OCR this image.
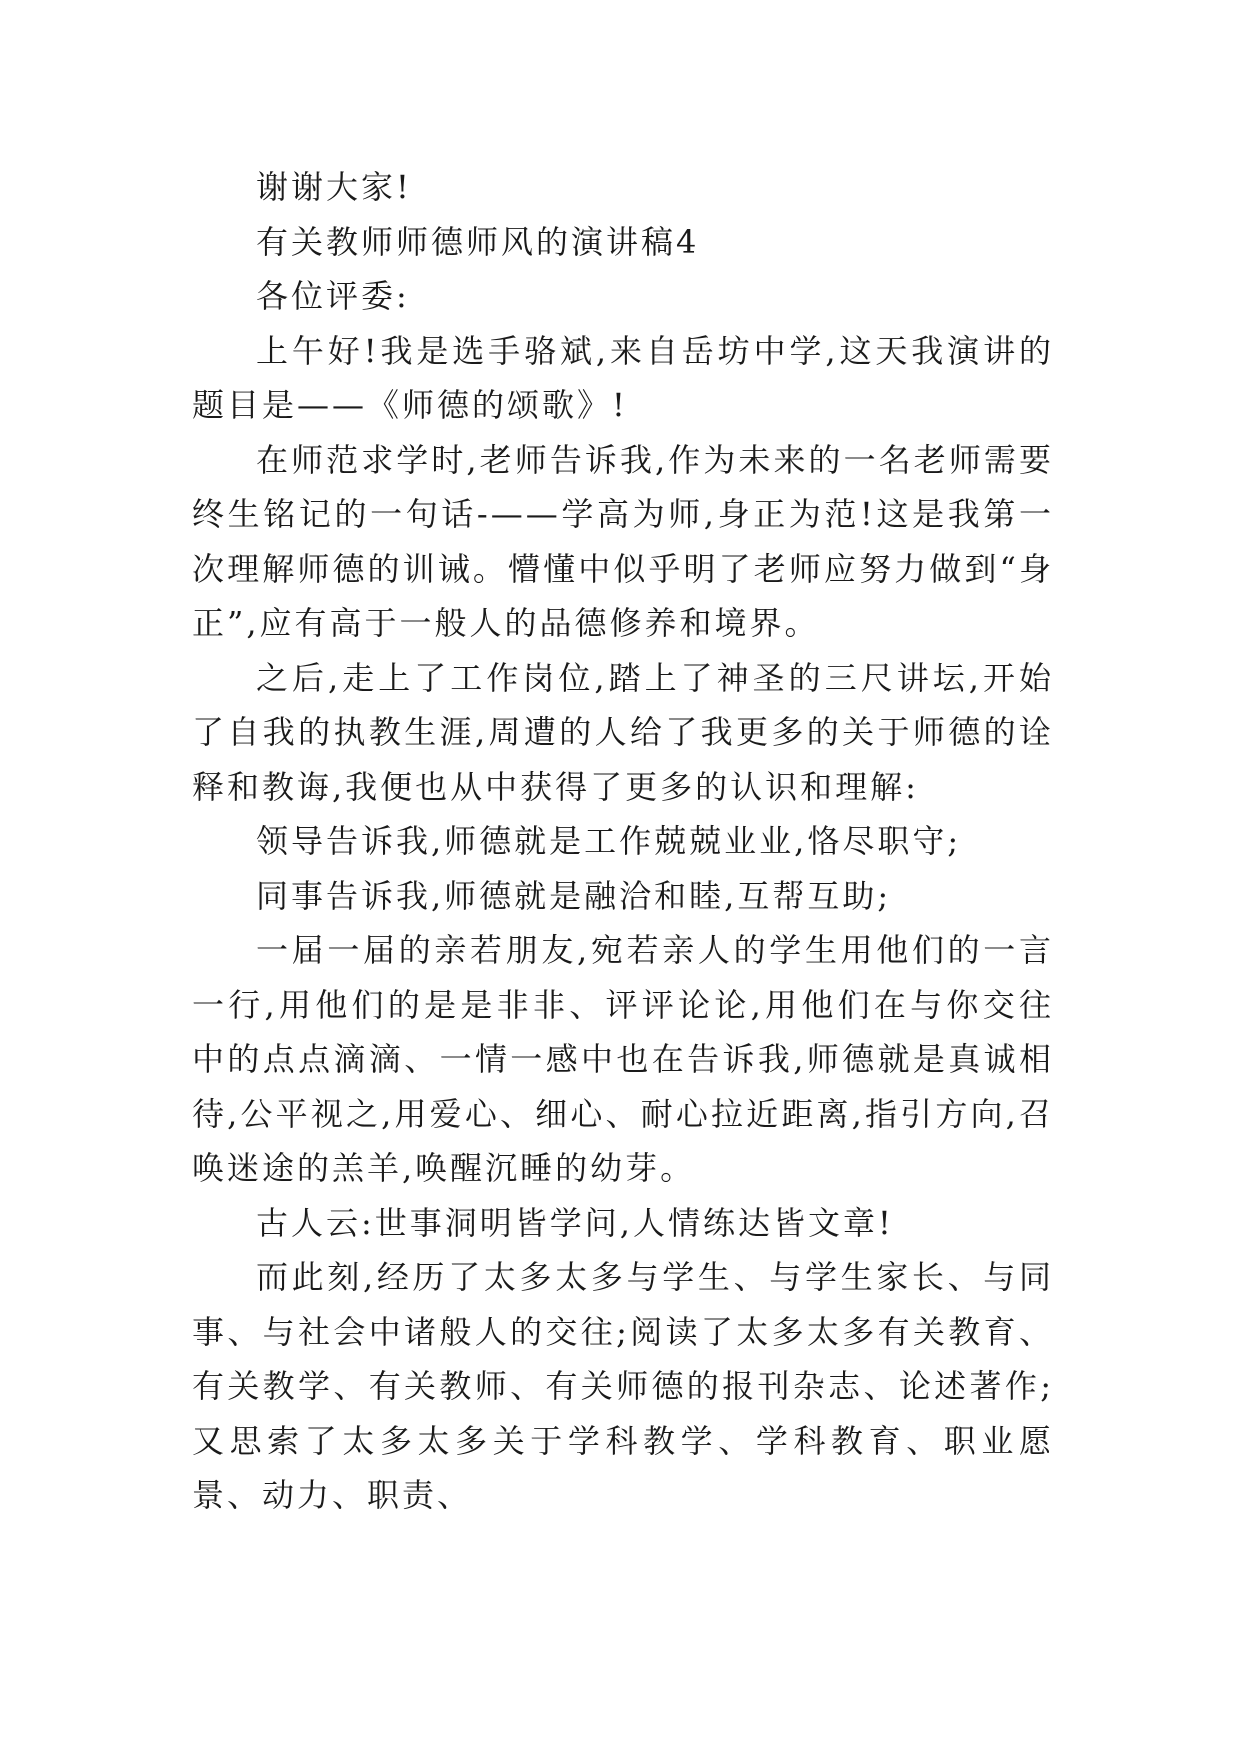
谢谢大家!

有关教师师德师风的演讲稿4

各位评委:

上午好!我是选手骆斌,来自岳坊中学,这天我演讲的题目是——《师德的颂歌》!

在师范求学时,老师告诉我,作为未来的一名老师需要终生铭记的一句话-——学高为师,身正为范!这是我第一次理解师德的训诫。懵懂中似乎明了老师应努力做到“身正”,应有高于一般人的品德修养和境界。

之后,走上了工作岗位,踏上了神圣的三尺讲坛,开始了自我的执教生涯,周遭的人给了我更多的关于师德的诠释和教诲,我便也从中获得了更多的认识和理解:

领导告诉我,师德就是工作兢兢业业,恪尽职守;

同事告诉我,师德就是融洽和睦,互帮互助;

一届一届的亲若朋友,宛若亲人的学生用他们的一言一行,用他们的是是非非、评评论论,用他们在与你交往中的点点滴滴、一情一感中也在告诉我,师德就是真诚相待,公平视之,用爱心、细心、耐心拉近距离,指引方向,召唤迷途的羔羊,唤醒沉睡的幼芽。

古人云:世事洞明皆学问,人情练达皆文章!

而此刻,经历了太多太多与学生、与学生家长、与同事、与社会中诸般人的交往;阅读了太多太多有关教育、有关教学、有关教师、有关师德的报刊杂志、论述著作;又思索了太多太多关于学科教学、学科教育、职业愿景、动力、职责、
